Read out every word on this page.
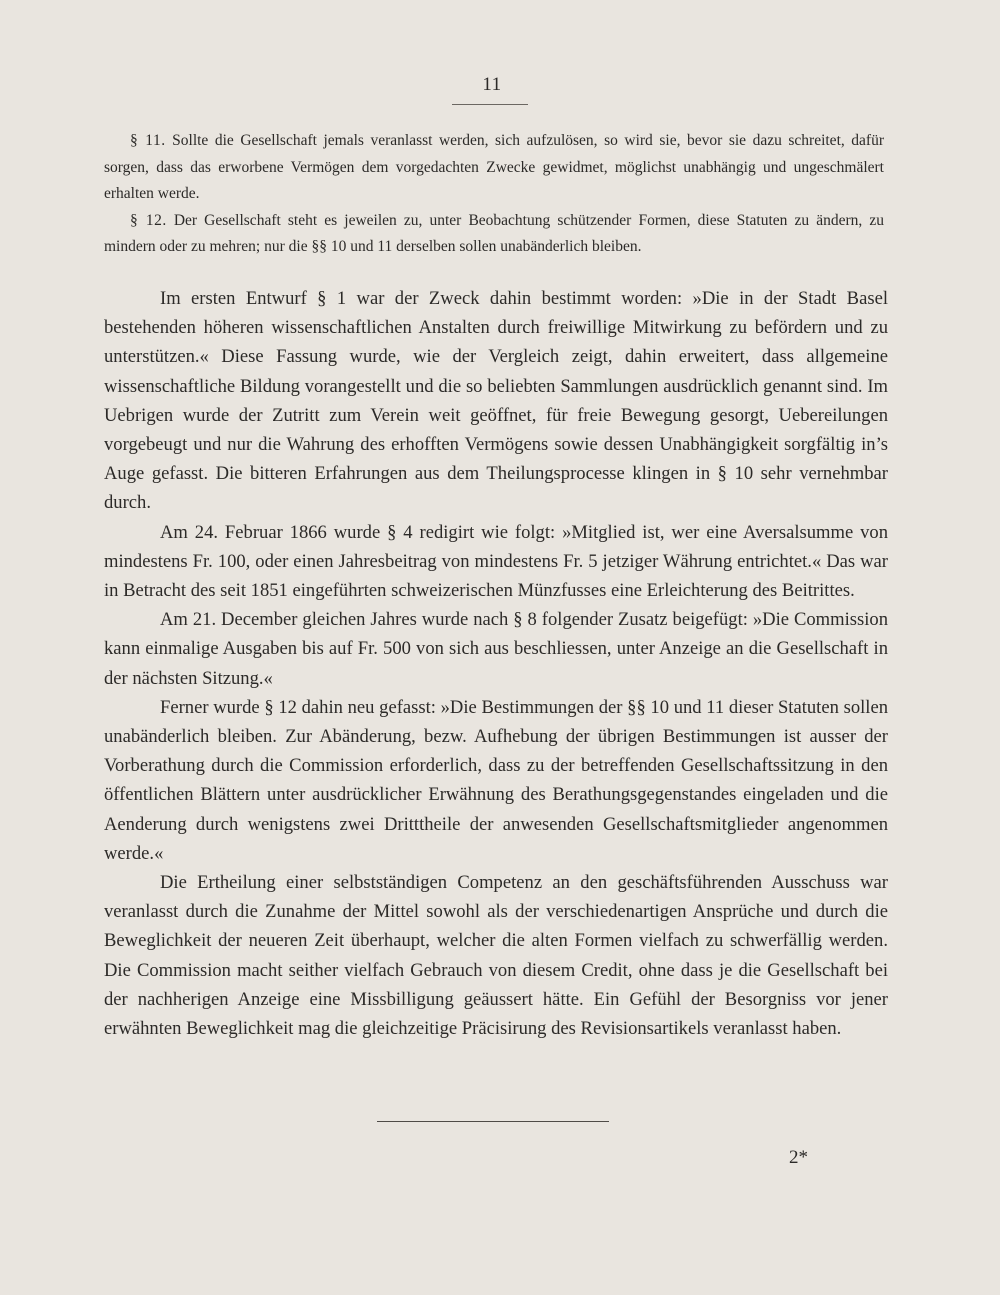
11

§ 11. Sollte die Gesellschaft jemals veranlasst werden, sich aufzulösen, so wird sie, bevor sie dazu schreitet, dafür sorgen, dass das erworbene Vermögen dem vorgedachten Zwecke gewidmet, möglichst unabhängig und ungeschmälert erhalten werde.

§ 12. Der Gesellschaft steht es jeweilen zu, unter Beobachtung schützender Formen, diese Statuten zu ändern, zu mindern oder zu mehren; nur die §§ 10 und 11 derselben sollen unabänderlich bleiben.

Im ersten Entwurf § 1 war der Zweck dahin bestimmt worden: »Die in der Stadt Basel bestehenden höheren wissenschaftlichen Anstalten durch freiwillige Mitwirkung zu befördern und zu unterstützen.« Diese Fassung wurde, wie der Vergleich zeigt, dahin erweitert, dass allgemeine wissenschaftliche Bildung vorangestellt und die so beliebten Sammlungen ausdrücklich genannt sind. Im Uebrigen wurde der Zutritt zum Verein weit geöffnet, für freie Bewegung gesorgt, Uebereilungen vorgebeugt und nur die Wahrung des erhofften Vermögens sowie dessen Unabhängigkeit sorgfältig in’s Auge gefasst. Die bitteren Erfahrungen aus dem Theilungsprocesse klingen in § 10 sehr vernehmbar durch.

Am 24. Februar 1866 wurde § 4 redigirt wie folgt: »Mitglied ist, wer eine Aversalsumme von mindestens Fr. 100, oder einen Jahresbeitrag von mindestens Fr. 5 jetziger Währung entrichtet.« Das war in Betracht des seit 1851 eingeführten schweizerischen Münzfusses eine Erleichterung des Beitrittes.

Am 21. December gleichen Jahres wurde nach § 8 folgender Zusatz beigefügt: »Die Commission kann einmalige Ausgaben bis auf Fr. 500 von sich aus beschliessen, unter Anzeige an die Gesellschaft in der nächsten Sitzung.«

Ferner wurde § 12 dahin neu gefasst: »Die Bestimmungen der §§ 10 und 11 dieser Statuten sollen unabänderlich bleiben. Zur Abänderung, bezw. Aufhebung der übrigen Bestimmungen ist ausser der Vorberathung durch die Commission erforderlich, dass zu der betreffenden Gesellschaftssitzung in den öffentlichen Blättern unter ausdrücklicher Erwähnung des Berathungsgegenstandes eingeladen und die Aenderung durch wenigstens zwei Dritttheile der anwesenden Gesellschaftsmitglieder angenommen werde.«

Die Ertheilung einer selbstständigen Competenz an den geschäftsführenden Ausschuss war veranlasst durch die Zunahme der Mittel sowohl als der verschiedenartigen Ansprüche und durch die Beweglichkeit der neueren Zeit überhaupt, welcher die alten Formen vielfach zu schwerfällig werden. Die Commission macht seither vielfach Gebrauch von diesem Credit, ohne dass je die Gesellschaft bei der nachherigen Anzeige eine Missbilligung geäussert hätte. Ein Gefühl der Besorgniss vor jener erwähnten Beweglichkeit mag die gleichzeitige Präcisirung des Revisionsartikels veranlasst haben.

2*
